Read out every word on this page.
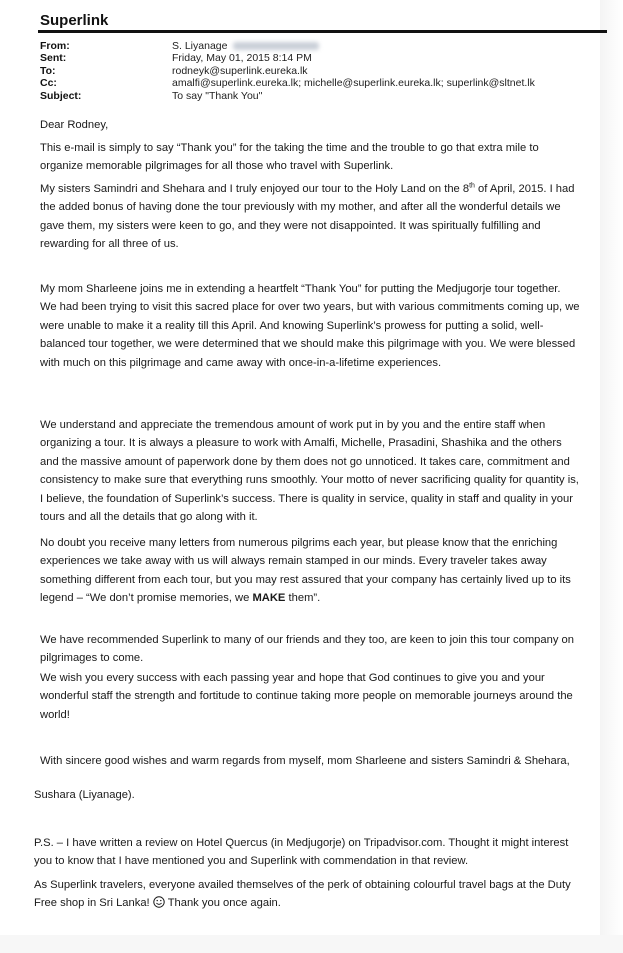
Superlink
From:	S. Liyanage
Sent:	Friday, May 01, 2015 8:14 PM
To:	rodneyk@superlink.eureka.lk
Cc:	amalfi@superlink.eureka.lk; michelle@superlink.eureka.lk; superlink@sltnet.lk
Subject:	To say "Thank You"

Dear Rodney,

This e-mail is simply to say “Thank you” for the taking the time and the trouble to go that extra mile to organize memorable pilgrimages for all those who travel with Superlink.

My sisters Samindri and Shehara and I truly enjoyed our tour to the Holy Land on the 8th of April, 2015. I had the added bonus of having done the tour previously with my mother, and after all the wonderful details we gave them, my sisters were keen to go, and they were not disappointed. It was spiritually fulfilling and rewarding for all three of us.

My mom Sharleene joins me in extending a heartfelt “Thank You” for putting the Medjugorje tour together. We had been trying to visit this sacred place for over two years, but with various commitments coming up, we were unable to make it a reality till this April. And knowing Superlink’s prowess for putting a solid, well-balanced tour together, we were determined that we should make this pilgrimage with you. We were blessed with much on this pilgrimage and came away with once-in-a-lifetime experiences.

We understand and appreciate the tremendous amount of work put in by you and the entire staff when organizing a tour. It is always a pleasure to work with Amalfi, Michelle, Prasadini, Shashika and the others and the massive amount of paperwork done by them does not go unnoticed. It takes care, commitment and consistency to make sure that everything runs smoothly. Your motto of never sacrificing quality for quantity is, I believe, the foundation of Superlink’s success. There is quality in service, quality in staff and quality in your tours and all the details that go along with it.

No doubt you receive many letters from numerous pilgrims each year, but please know that the enriching experiences we take away with us will always remain stamped in our minds. Every traveler takes away something different from each tour, but you may rest assured that your company has certainly lived up to its legend – “We don’t promise memories, we MAKE them”.

We have recommended Superlink to many of our friends and they too, are keen to join this tour company on pilgrimages to come.

We wish you every success with each passing year and hope that God continues to give you and your wonderful staff the strength and fortitude to continue taking more people on memorable journeys around the world!

With sincere good wishes and warm regards from myself, mom Sharleene and sisters Samindri & Shehara,

Sushara (Liyanage).

P.S. – I have written a review on Hotel Quercus (in Medjugorje) on Tripadvisor.com. Thought it might interest you to know that I have mentioned you and Superlink with commendation in that review.

As Superlink travelers, everyone availed themselves of the perk of obtaining colourful travel bags at the Duty Free shop in Sri Lanka! Thank you once again.
